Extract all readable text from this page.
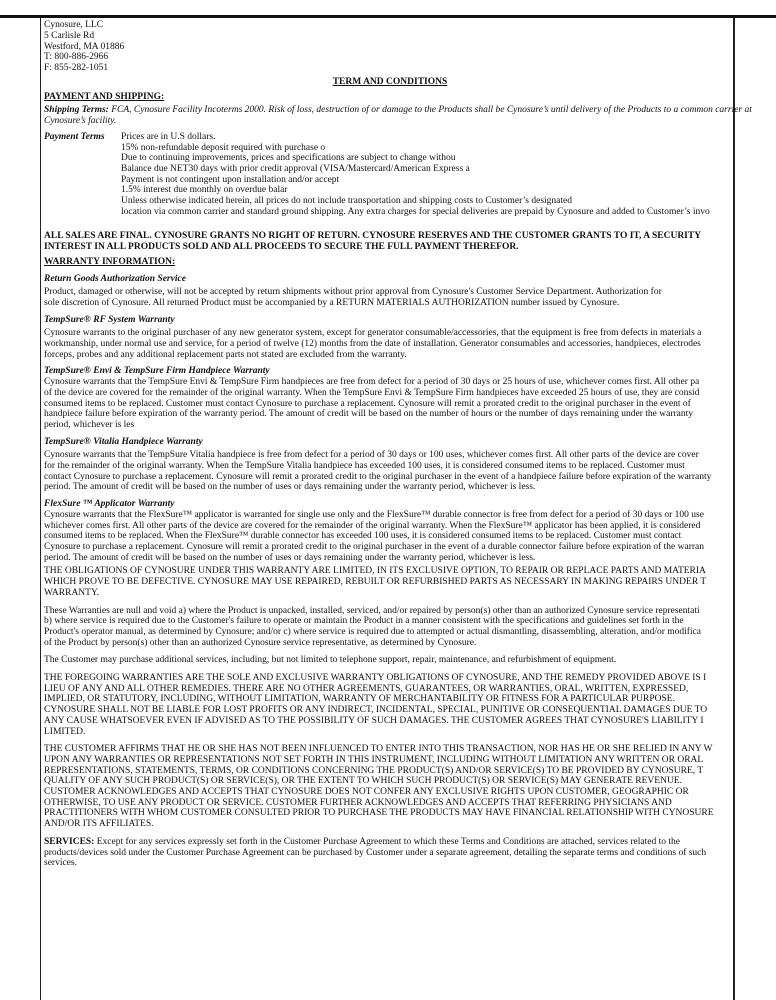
Cynosure, LLC

5 Carlisle Rd

Westford, MA 01886

T: 800-886-2966

F: 855-282-1051

TERM AND CONDITIONS

PAYMENT AND SHIPPING:

Shipping Terms: FCA, Cynosure Facility Incoterms 2000. Risk of loss, destruction of or damage to the Products shall be Cynosure’s until delivery of the Products to a common carrier at Cynosure’s facility.

Payment Terms	Prices are in U.S dollars.

15% non-refundable deposit required with purchase o

Due to continuing improvements, prices and specifications are subject to change withou

Balance due NET30 days with prior credit approval (VISA/Mastercard/American Express a

Payment is not contingent upon installation and/or accept

1.5% interest due monthly on overdue balar

Unless otherwise indicated herein, all prices do not include transportation and shipping costs to Customer’s designated

location via common carrier and standard ground shipping. Any extra charges for special deliveries are prepaid by Cynosure and added to Customer’s invo

ALL SALES ARE FINAL. CYNOSURE GRANTS NO RIGHT OF RETURN. CYNOSURE RESERVES AND THE CUSTOMER GRANTS TO IT, A SECURITY

INTEREST IN ALL PRODUCTS SOLD AND ALL PROCEEDS TO SECURE THE FULL PAYMENT THEREFOR.

WARRANTY INFORMATION:

Return Goods Authorization Service

Product, damaged or otherwise, will not be accepted by return shipments without prior approval from Cynosure's Customer Service Department. Authorization for

sole discretion of Cynosure. All returned Product must be accompanied by a RETURN MATERIALS AUTHORIZATION number issued by Cynosure.

TempSure® RF System Warranty

Cynosure warrants to the original purchaser of any new generator system, except for generator consumable/accessories, that the equipment is free from defects in materials a

workmanship, under normal use and service, for a period of twelve (12) months from the date of installation. Generator consumables and accessories, handpieces, electrodes

forceps, probes and any additional replacement parts not stated are excluded from the warranty.

TempSure® Envi & TempSure Firm Handpiece Warranty

Cynosure warrants that the TempSure Envi & TempSure Firm handpieces are free from defect for a period of 30 days or 25 hours of use, whichever comes first. All other pa

of the device are covered for the remainder of the original warranty. When the TempSure Envi & TempSure Firm handpieces have exceeded 25 hours of use, they are consid

consumed items to be replaced. Customer must contact Cynosure to purchase a replacement. Cynosure will remit a prorated credit to the original purchaser in the event of

handpiece failure before expiration of the warranty period. The amount of credit will be based on the number of hours or the number of days remaining under the warranty

period, whichever is les

TempSure® Vitalia Handpiece Warranty

Cynosure warrants that the TempSure Vitalia handpiece is free from defect for a period of 30 days or 100 uses, whichever comes first. All other parts of the device are cover

for the remainder of the original warranty. When the TempSure Vitalia handpiece has exceeded 100 uses, it is considered consumed items to be replaced. Customer must

contact Cynosure to purchase a replacement. Cynosure will remit a prorated credit to the original purchaser in the event of a handpiece failure before expiration of the warranty

period. The amount of credit will be based on the number of uses or days remaining under the warranty period, whichever is less.

FlexSure ™ Applicator Warranty

Cynosure warrants that the FlexSure™ applicator is warranted for single use only and the FlexSure™ durable connector is free from defect for a period of 30 days or 100 use

whichever comes first. All other parts of the device are covered for the remainder of the original warranty. When the FlexSure™ applicator has been applied, it is considered

consumed items to be replaced. When the FlexSure™ durable connector has exceeded 100 uses, it is considered consumed items to be replaced. Customer must contact

Cynosure to purchase a replacement. Cynosure will remit a prorated credit to the original purchaser in the event of a durable connector failure before expiration of the warran

period. The amount of credit will be based on the number of uses or days remaining under the warranty period, whichever is less.

THE OBLIGATIONS OF CYNOSURE UNDER THIS WARRANTY ARE LIMITED, IN ITS EXCLUSIVE OPTION, TO REPAIR OR REPLACE PARTS AND MATERIA

WHICH PROVE TO BE DEFECTIVE. CYNOSURE MAY USE REPAIRED, REBUILT OR REFURBISHED PARTS AS NECESSARY IN MAKING REPAIRS UNDER T

WARRANTY.

These Warranties are null and void a) where the Product is unpacked, installed, serviced, and/or repaired by person(s) other than an authorized Cynosure service representati

b) where service is required due to the Customer's failure to operate or maintain the Product in a manner consistent with the specifications and guidelines set forth in the

Product's operator manual, as determined by Cynosure; and/or c) where service is required due to attempted or actual dismantling, disassembling, alteration, and/or modifica

of the Product by person(s) other than an authorized Cynosure service representative, as determined by Cynosure.

The Customer may purchase additional services, including, but not limited to telephone support, repair, maintenance, and refurbishment of equipment.

THE FOREGOING WARRANTIES ARE THE SOLE AND EXCLUSIVE WARRANTY OBLIGATIONS OF CYNOSURE, AND THE REMEDY PROVIDED ABOVE IS I

LIEU OF ANY AND ALL OTHER REMEDIES. THERE ARE NO OTHER AGREEMENTS, GUARANTEES, OR WARRANTIES, ORAL, WRITTEN, EXPRESSED,

IMPLIED, OR STATUTORY, INCLUDING, WITHOUT LIMITATION, WARRANTY OF MERCHANTABILITY OR FITNESS FOR A PARTICULAR PURPOSE.

CYNOSURE SHALL NOT BE LIABLE FOR LOST PROFITS OR ANY INDIRECT, INCIDENTAL, SPECIAL, PUNITIVE OR CONSEQUENTIAL DAMAGES DUE TO

ANY CAUSE WHATSOEVER EVEN IF ADVISED AS TO THE POSSIBILITY OF SUCH DAMAGES. THE CUSTOMER AGREES THAT CYNOSURE'S LIABILITY I

LIMITED.

THE CUSTOMER AFFIRMS THAT HE OR SHE HAS NOT BEEN INFLUENCED TO ENTER INTO THIS TRANSACTION, NOR HAS HE OR SHE RELIED IN ANY W

UPON ANY WARRANTIES OR REPRESENTATIONS NOT SET FORTH IN THIS INSTRUMENT, INCLUDING WITHOUT LIMITATION ANY WRITTEN OR ORAL

REPRESENTATIONS, STATEMENTS, TERMS, OR CONDITIONS CONCERNING THE PRODUCT(S) AND/OR SERVICE(S) TO BE PROVIDED BY CYNOSURE, T

QUALITY OF ANY SUCH PRODUCT(S) OR SERVICE(S), OR THE EXTENT TO WHICH SUCH PRODUCT(S) OR SERVICE(S) MAY GENERATE REVENUE.

CUSTOMER ACKNOWLEDGES AND ACCEPTS THAT CYNOSURE DOES NOT CONFER ANY EXCLUSIVE RIGHTS UPON CUSTOMER, GEOGRAPHIC OR

OTHERWISE, TO USE ANY PRODUCT OR SERVICE. CUSTOMER FURTHER ACKNOWLEDGES AND ACCEPTS THAT REFERRING PHYSICIANS AND

PRACTITIONERS WITH WHOM CUSTOMER CONSULTED PRIOR TO PURCHASE THE PRODUCTS MAY HAVE FINANCIAL RELATIONSHIP WITH CYNOSURE

AND/OR ITS AFFILIATES.

SERVICES: Except for any services expressly set forth in the Customer Purchase Agreement to which these Terms and Conditions are attached, services related to the

products/devices sold under the Customer Purchase Agreement can be purchased by Customer under a separate agreement, detailing the separate terms and conditions of such

services.
